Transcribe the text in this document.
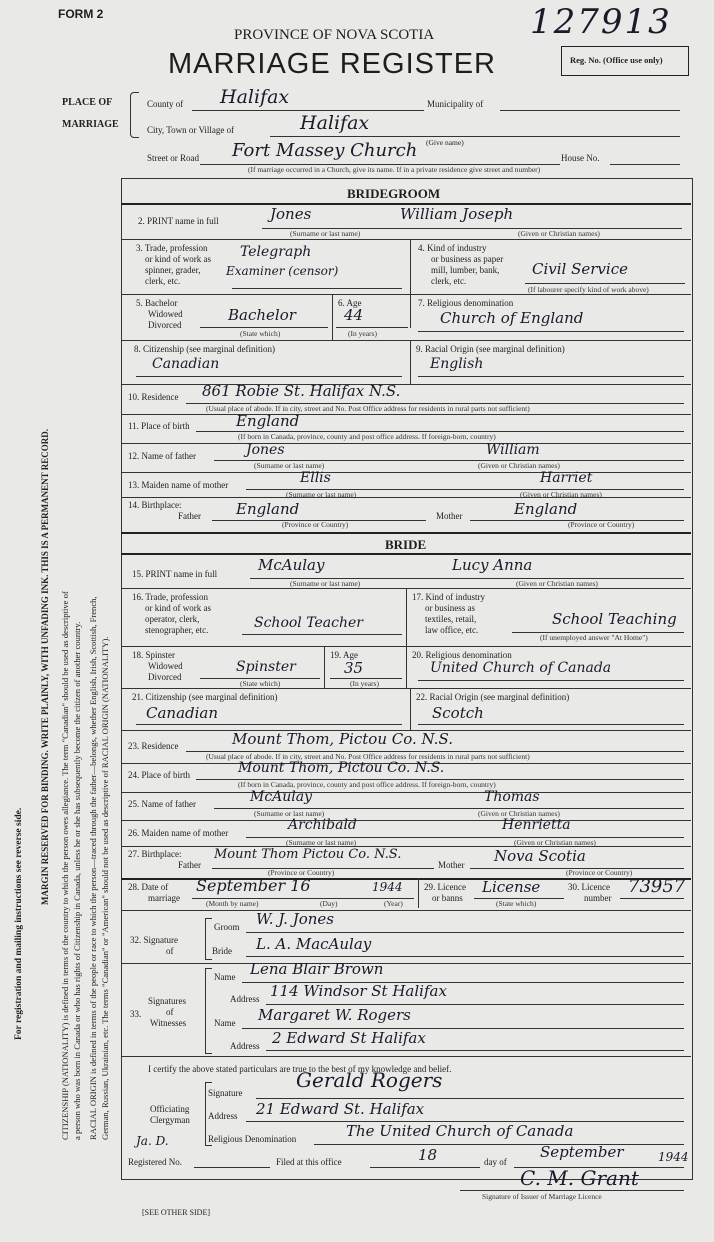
For registration and mailing instructions see reverse side.
MARGIN RESERVED FOR BINDING. WRITE PLAINLY, WITH UNFADING INK. THIS IS A PERMANENT RECORD. CITIZENSHIP (NATIONALITY) is defined in terms of the country to which the person owes allegiance. The term "Canadian" should be used as descriptive of a person who was born in Canada or who has rights of Citizenship in Canada, unless he or she has subsequently become the citizen of another country. RACIAL ORIGIN is defined in terms of the people or race to which the person—traced through the father—belongs, whether English, Irish, Scottish, French, German, Russian, Ukrainian, etc. The terms "Canadian" or "American" should not be used as descriptive of RACIAL ORIGIN (NATIONALITY).
FORM 2
PROVINCE OF NOVA SCOTIA
MARRIAGE REGISTER
127913
Reg. No. (Office use only)
PLACE OF
MARRIAGE
County of Halifax	Municipality of
City, Town or Village of	Halifax
(Give name)
Street or Road Fort Massey Church	House No.
(If marriage occurred in a Church, give its name. If in a private residence give street and number)
BRIDEGROOM
2. PRINT name in full	Jones	William Joseph
(Surname or last name)	(Given or Christian names)
3. Trade, profession
or kind of work as
spinner, grader,
clerk, etc.
Telegraph
Examiner (censor)
4. Kind of industry
or business as paper
mill, lumber, bank,
clerk, etc.
Civil Service
(If labourer specify kind of work above)
5. Bachelor
Widowed
Divorced
Bachelor
(State which)
6. Age
44
(In years)
7. Religious denomination
Church of England
8. Citizenship (see marginal definition)
Canadian
9. Racial Origin (see marginal definition)
English
10. Residence 861 Robie St. Halifax N.S.
(Usual place of abode. If in city, street and No. Post Office address for residents in rural parts not sufficient)
11. Place of birth	England
(If born in Canada, province, county and post office address. If foreign-born, country)
12. Name of father	Jones	William
(Surname or last name)	(Given or Christian names)
13. Maiden name of mother	Ellis	Harriet
(Surname or last name)	(Given or Christian names)
14. Birthplace:
Father England
(Province or Country)
Mother	England
(Province or Country)
BRIDE
15. PRINT name in full	McAulay	Lucy Anna
(Surname or last name)	(Given or Christian names)
16. Trade, profession
or kind of work as
operator, clerk,
stenographer, etc.	School Teacher
17. Kind of industry
or business as
textiles, retail,
law office, etc.
School Teaching
(If unemployed answer "At Home")
18. Spinster
Widowed
Divorced
Spinster
(State which)
19. Age
35
(In years)
20. Religious denomination
United Church of Canada
21. Citizenship (see marginal definition)
Canadian
22. Racial Origin (see marginal definition)
Scotch
23. Residence	Mount Thom, Pictou Co. N.S.
(Usual place of abode. If in city, street and No. Post Office address for residents in rural parts not sufficient)
24. Place of birth	Mount Thom, Pictou Co. N.S.
(If born in Canada, province, county and post office address. If foreign-born, country)
25. Name of father	McAulay	Thomas
(Surname or last name)	(Given or Christian names)
26. Maiden name of mother	Archibald	Henrietta
(Surname or last name)	(Given or Christian names)
27. Birthplace:
Father
Mount Thom Pictou Co. N.S.
(Province or Country)
Mother Nova Scotia
(Province or Country)
28. Date of
marriage
September 16	1944
(Month by name)	(Day)	(Year)
29. Licence
or banns
License
(State which)
30. Licence
number
73957
32. Signature
of
Groom W. J. Jones
Bride L. A. MacAulay
Signatures
of
Witnesses
33.
Name Lena Blair Brown
Address 114 Windsor St Halifax
Name Margaret W. Rogers
Address 2 Edward St Halifax
I certify the above stated particulars are true to the best of my knowledge and belief.
Gerald Rogers
Officiating
Clergyman
Signature
Address 21 Edward St. Halifax
Religious Denomination	The United Church of Canada
Ja. D.
Registered No.	Filed at this office	18	day of
September	1944
C. M. Grant
Signature of Issuer of Marriage Licence
[SEE OTHER SIDE]
